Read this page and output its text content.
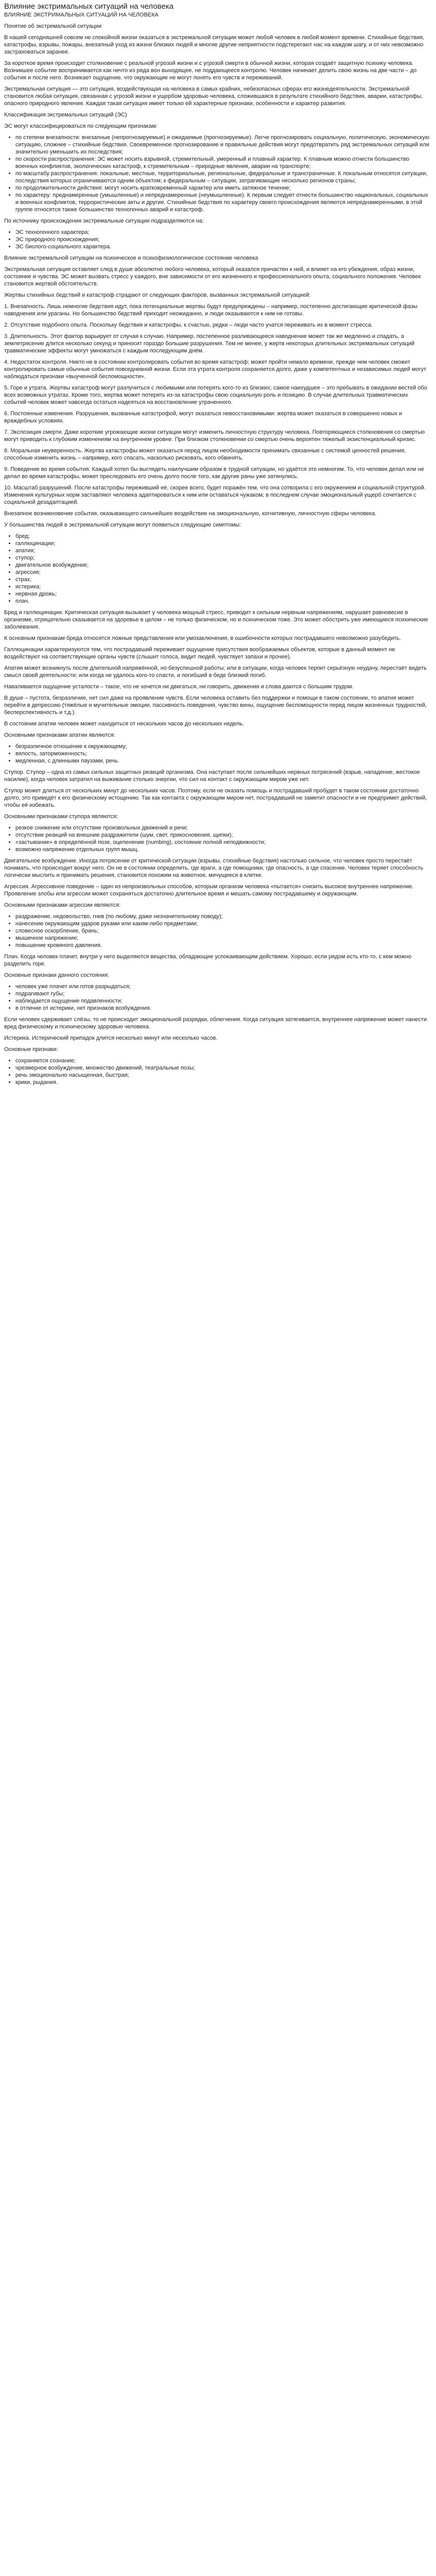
Влияние экстримальных ситуаций на человека
ВЛИЯНИЕ ЭКСТРИМАЛЬНЫХ СИТУАЦИЙ НА ЧЕЛОВЕКА

Понятие об экстремальной ситуации

В нашей сегодняшней совсем не спокойной жизни оказаться в экстремальной ситуации может любой человек в любой момент времени. Стихийные бедствия, катастрофы, взрывы, пожары, внезапный уход из жизни близких людей и многие другие неприятности подстерегают нас на каждом шагу, и от них невозможно застраховаться заранее.

За короткое время происходит столкновение с реальной угрозой жизни и с угрозой смерти в обычной жизни, которая создаёт защитную психику человека. Возникшее событие воспринимается как нечто из ряда вон выходящее, не поддающееся контролю. Человек начинает делить свою жизнь на две части – до события и после него. Возникает ощущение, что окружающие не могут понять его чувств и переживаний.

Экстремальная ситуация — это ситуация, воздействующая на человека в самых крайних, небезопасных сферах его жизнедеятельности. Экстремальной становится любая ситуация, связанная с угрозой жизни и ущербом здоровью человека, сложившаяся в результате стихийного бедствия, аварии, катастрофы, опасного природного явления. Каждая такая ситуация имеет только ей характерные признаки, особенности и характер развития.

Классификация экстремальных ситуаций (ЭС)

ЭС могут классифицироваться по следующим признакам:

• по степени внезапности: внезапные (непрогнозируемые) и ожидаемые (прогнозируемые). Легче прогнозировать социальную, политическую, экономическую ситуацию, сложнее – стихийные бедствия. Своевременное прогнозирование и правильные действия могут предотвратить ряд экстремальных ситуаций или значительно уменьшить их последствия;
• по скорости распространения: ЭС может носить взрывной, стремительный, умеренный и плавный характер. К плавным можно отнести большинство военных конфликтов, экологических катастроф, к стремительным – природные явления, аварии на транспорте;
• по масштабу распространения: локальные, местные, территориальные, региональные, федеральные и трансграничные. К локальным относятся ситуации, последствия которых ограничиваются одним объектом; к федеральным – ситуации, затрагивающие несколько регионов страны;
• по продолжительности действия: могут носить кратковременный характер или иметь затяжное течение;
• по характеру: преднамеренные (умышленные) и непреднамеренные (неумышленные). К первым следует отнести большинство национальных, социальных и военных конфликтов, террористические акты и другие. Стихийные бедствия по характеру своего происхождения являются непреднамеренными, в этой группе относятся также большинство техногенных аварий и катастроф.

По источнику происхождения экстремальные ситуации подразделяются на:

• ЭС техногенного характера;
• ЭС природного происхождения;
• ЭС биолого-социального характера.

Влияние экстремальной ситуации на психическое и психофизиологическое состояние человека

Экстремальная ситуация оставляет след в душе абсолютно любого человека, который оказался причастен к ней, и влияет на его убеждения, образ жизни, состояние и чувства. ЭС может вызвать стресс у каждого, вне зависимости от его жизненного и профессионального опыта, социального положения. Человек становится жертвой обстоятельств.

Жертвы стихийных бедствий и катастроф страдают от следующих факторов, вызванных экстремальной ситуацией:

1. Внезапность. Лишь немногие бедствия идут, пока потенциальные жертвы будут предупреждены – например, постепенно достигающие критической фазы наводнения или ураганы. Но большинство бедствий приходит неожиданно, и люди оказываются к ним не готовы.

2. Отсутствие подобного опыта. Поскольку бедствия и катастрофы, к счастью, редки – люди часто учатся переживать их в момент стресса.

3. Длительность. Этот фактор варьирует от случая к случаю. Например, постепенное разливающееся наводнение может так же медленно и спадать, а землетрясение длится несколько секунд и приносит гораздо большие разрушения. Тем не менее, у жертв некоторых длительных экстремальных ситуаций травматические эффекты могут умножаться с каждым последующим днём.

4. Недостаток контроля. Никто не в состоянии контролировать события во время катастроф; может пройти немало времени, прежде чем человек сможет контролировать самые обычные события повседневной жизни. Если эта утрата контроля сохраняется долго, даже у компетентных и независимых людей могут наблюдаться признаки «выученной беспомощности».

5. Горе и утрата. Жертвы катастроф могут разлучиться с любимыми или потерять кого-то из близких; самое наихудшее – это пребывать в ожидании вестей обо всех возможных утратах. Кроме того, жертва может потерять из-за катастрофы свою социальную роль и позицию. В случае длительных травматических событий человек может навсегда остаться надеяться на восстановление утраченного.

6. Постоянные изменения. Разрушения, вызванные катастрофой, могут оказаться невосстановимыми: жертва может оказаться в совершенно новых и враждебных условиях.

7. Экспозиция смерти. Даже короткие угрожающие жизни ситуации могут изменить личностную структуру человека. Повторяющиеся столкновения со смертью могут приводить к глубоким изменениям на внутреннем уровне. При близком столкновении со смертью очень вероятен тяжелый экзистенциальный кризис.

8. Моральная неуверенность. Жертва катастрофы может оказаться перед лицом необходимости принимать связанные с системой ценностей решения, способные изменить жизнь – например, кого спасать, насколько рисковать, кого обвинять.

9. Поведение во время события. Каждый хотел бы выглядеть наилучшим образом в трудной ситуации, но удаётся это немногим. То, что человек делал или не делал во время катастрофы, может преследовать его очень долго после того, как другие раны уже затянулись.

10. Масштаб разрушений. После катастрофы переживший её, скорее всего, будет поражён тем, что она сотворила с его окружением и социальной структурой. Изменения культурных норм заставляют человека адаптироваться к ним или оставаться чужаком; в последнем случае эмоциональный ущерб сочетается с социальной дезадаптацией.

Внезапное возникновение события, оказывающего сильнейшее воздействие на эмоциональную, когнитивную, личностную сферы человека.

У большинства людей в экстремальной ситуации могут появиться следующие симптомы:

• бред;
• галлюцинации;
• апатия;
• ступор;
• двигательное возбуждение;
• агрессия;
• страх;
• истерика;
• нервная дрожь;
• плач.

Бред и галлюцинации. Критическая ситуация вызывает у человека мощный стресс, приводит к сильным нервным напряжениям, нарушает равновесие в организме, отрицательно сказывается на здоровье в целом – не только физическом, но и психическом тоже. Это может обострить уже имеющиеся психические заболевания.

К основным признакам бреда относятся ложные представления или умозаключения, в ошибочности которых пострадавшего невозможно разубедить.

Галлюцинации характеризуются тем, что пострадавший переживает ощущение присутствия воображаемых объектов, которые в данный момент не воздействуют на соответствующие органы чувств (слышит голоса, видит людей, чувствует запахи и прочее).

Апатия может возникнуть после длительной напряжённой, но безуспешной работы; или в ситуации, когда человек терпит серьёзную неудачу, перестаёт видеть смысл своей деятельности; или когда не удалось кого-то спасти, и погибший в беде близкий погиб.

Наваливается ощущение усталости – такое, что не хочется ни двигаться, ни говорить, движения и слова даются с большим трудом.

В душе – пустота, безразличие, нет сил даже на проявление чувств. Если человека оставить без поддержки и помощи в таком состоянии, то апатия может перейти в депрессию (тяжёлые и мучительные эмоции, пассивность поведения, чувство вины, ощущение беспомощности перед лицом жизненных трудностей, бесперспективность и т.д.).

В состоянии апатии человек может находиться от нескольких часов до нескольких недель.

Основными признаками апатии являются:

• безразличное отношение к окружающему;
• вялость, заторможенность;
• медленная, с длинными паузами, речь.

Ступор. Ступор – одна из самых сильных защитных реакций организма. Она наступает после сильнейших нервных потрясений (взрыв, нападение, жестокое насилие), когда человек затратил на выживание столько энергии, что сил на контакт с окружающим миром уже нет.

Ступор может длиться от нескольких минут до нескольких часов. Поэтому, если не оказать помощь и пострадавший пробудет в таком состоянии достаточно долго, это приведёт к его физическому истощению. Так как контакта с окружающим миром нет, пострадавший не заметит опасности и не предпримет действий, чтобы её избежать.

Основными признаками ступора являются:

• резкое снижение или отсутствие произвольных движений и речи;
• отсутствие реакций на внешние раздражители (шум, свет, прикосновения, щипки);
• «застывание» в определённой позе, оцепенение (numbing), состояние полной неподвижности;
• возможно напряжение отдельных групп мышц.

Двигательное возбуждение. Иногда потрясение от критической ситуации (взрывы, стихийные бедствия) настолько сильное, что человек просто перестаёт понимать, что происходит вокруг него. Он не в состоянии определить, где враги, а где помощники, где опасность, а где спасение. Человек теряет способность логически мыслить и принимать решения, становится похожим на животное, мечущееся в клетке.

Агрессия. Агрессивное поведение – один из непроизвольных способов, которым организм человека «пытается» снизить высокое внутреннее напряжение. Проявление злобы или агрессии может сохраняться достаточно длительное время и мешать самому пострадавшему и окружающим.

Основными признаками агрессии являются:

• раздражение, недовольство, гнев (по любому, даже незначительному поводу);
• нанесение окружающим ударов руками или каким-либо предметами;
• словесное оскорбление, брань;
• мышечное напряжение;
• повышение кровяного давления.

Плач. Когда человек плачет, внутри у него выделяются вещества, обладающие успокаивающим действием. Хорошо, если рядом есть кто-то, с кем можно разделить горе.

Основные признаки данного состояния:

• человек уже плачет или готов разрыдаться;
• подрагивают губы;
• наблюдается ощущение подавленности;
• в отличие от истерики, нет признаков возбуждения.

Если человек сдерживает слёзы, то не происходит эмоциональной разрядки, облегчения. Когда ситуация затягивается, внутреннее напряжение может нанести вред физическому и психическому здоровью человека.

Истерика. Истерический припадок длится несколько минут или несколько часов.

Основные признаки:

• сохраняется сознание;
• чрезмерное возбуждение, множество движений, театральные позы;
• речь эмоционально насыщенная, быстрая;
• крики, рыдания.
